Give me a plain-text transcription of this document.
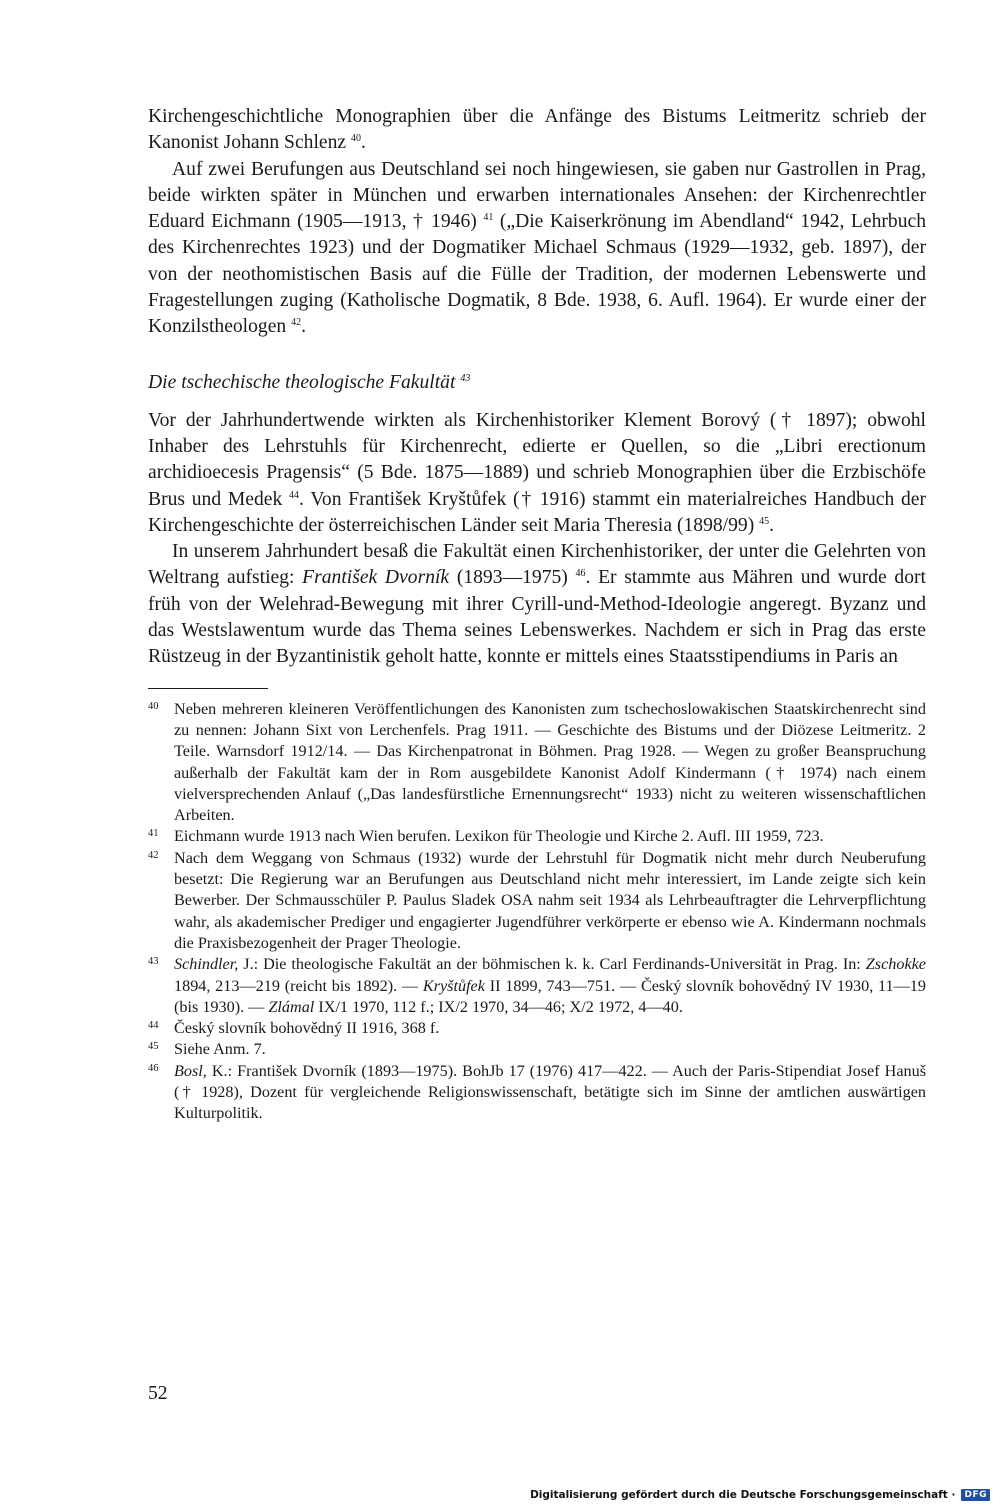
Kirchengeschichtliche Monographien über die Anfänge des Bistums Leitmeritz schrieb der Kanonist Johann Schlenz $^{40}$.

Auf zwei Berufungen aus Deutschland sei noch hingewiesen, sie gaben nur Gastrollen in Prag, beide wirkten später in München und erwarben internationales Ansehen: der Kirchenrechtler Eduard Eichmann (1905—1913, † 1946) $^{41}$ („Die Kaiserkrönung im Abendland“ 1942, Lehrbuch des Kirchenrechtes 1923) und der Dogmatiker Michael Schmaus (1929—1932, geb. 1897), der von der neothomistischen Basis auf die Fülle der Tradition, der modernen Lebenswerte und Fragestellungen zuging (Katholische Dogmatik, 8 Bde. 1938, 6. Aufl. 1964). Er wurde einer der Konzilstheologen $^{42}$.

Die tschechische theologische Fakultät $^{43}$

Vor der Jahrhundertwende wirkten als Kirchenhistoriker Klement Borový († 1897); obwohl Inhaber des Lehrstuhls für Kirchenrecht, edierte er Quellen, so die „Libri erectionum archidioecesis Pragensis“ (5 Bde. 1875—1889) und schrieb Monographien über die Erzbischöfe Brus und Medek $^{44}$. Von František Kryštůfek († 1916) stammt ein materialreiches Handbuch der Kirchengeschichte der österreichischen Länder seit Maria Theresia (1898/99) $^{45}$.

In unserem Jahrhundert besaß die Fakultät einen Kirchenhistoriker, der unter die Gelehrten von Weltrang aufstieg: František Dvorník (1893—1975) $^{46}$. Er stammte aus Mähren und wurde dort früh von der Welehrad-Bewegung mit ihrer Cyrill-und-Method-Ideologie angeregt. Byzanz und das Westslawentum wurde das Thema seines Lebenswerkes. Nachdem er sich in Prag das erste Rüstzeug in der Byzantinistik geholt hatte, konnte er mittels eines Staatsstipendiums in Paris an

40 Neben mehreren kleineren Veröffentlichungen des Kanonisten zum tschechoslowakischen Staatskirchenrecht sind zu nennen: Johann Sixt von Lerchenfels. Prag 1911. — Geschichte des Bistums und der Diözese Leitmeritz. 2 Teile. Warnsdorf 1912/14. — Das Kirchenpatronat in Böhmen. Prag 1928. — Wegen zu großer Beanspruchung außerhalb der Fakultät kam der in Rom ausgebildete Kanonist Adolf Kindermann († 1974) nach einem vielversprechenden Anlauf („Das landesfürstliche Ernennungsrecht“ 1933) nicht zu weiteren wissenschaftlichen Arbeiten.
41 Eichmann wurde 1913 nach Wien berufen. Lexikon für Theologie und Kirche 2. Aufl. III 1959, 723.
42 Nach dem Weggang von Schmaus (1932) wurde der Lehrstuhl für Dogmatik nicht mehr durch Neuberufung besetzt: Die Regierung war an Berufungen aus Deutschland nicht mehr interessiert, im Lande zeigte sich kein Bewerber. Der Schmausschüler P. Paulus Sladek OSA nahm seit 1934 als Lehrbeauftragter die Lehrverpflichtung wahr, als akademischer Prediger und engagierter Jugendführer verkörperte er ebenso wie A. Kindermann nochmals die Praxisbezogenheit der Prager Theologie.
43 Schindler, J.: Die theologische Fakultät an der böhmischen k. k. Carl Ferdinands-Universität in Prag. In: Zschokke 1894, 213—219 (reicht bis 1892). — Kryštůfek II 1899, 743—751. — Český slovník bohovědný IV 1930, 11—19 (bis 1930). — Zlámal IX/1 1970, 112 f.; IX/2 1970, 34—46; X/2 1972, 4—40.
44 Český slovník bohovědný II 1916, 368 f.
45 Siehe Anm. 7.
46 Bosl, K.: František Dvorník (1893—1975). BohJb 17 (1976) 417—422. — Auch der Paris-Stipendiat Josef Hanuš († 1928), Dozent für vergleichende Religionswissenschaft, betätigte sich im Sinne der amtlichen auswärtigen Kulturpolitik.
52
Digitalisierung gefördert durch die Deutsche Forschungsgemeinschaft ·	DFG
